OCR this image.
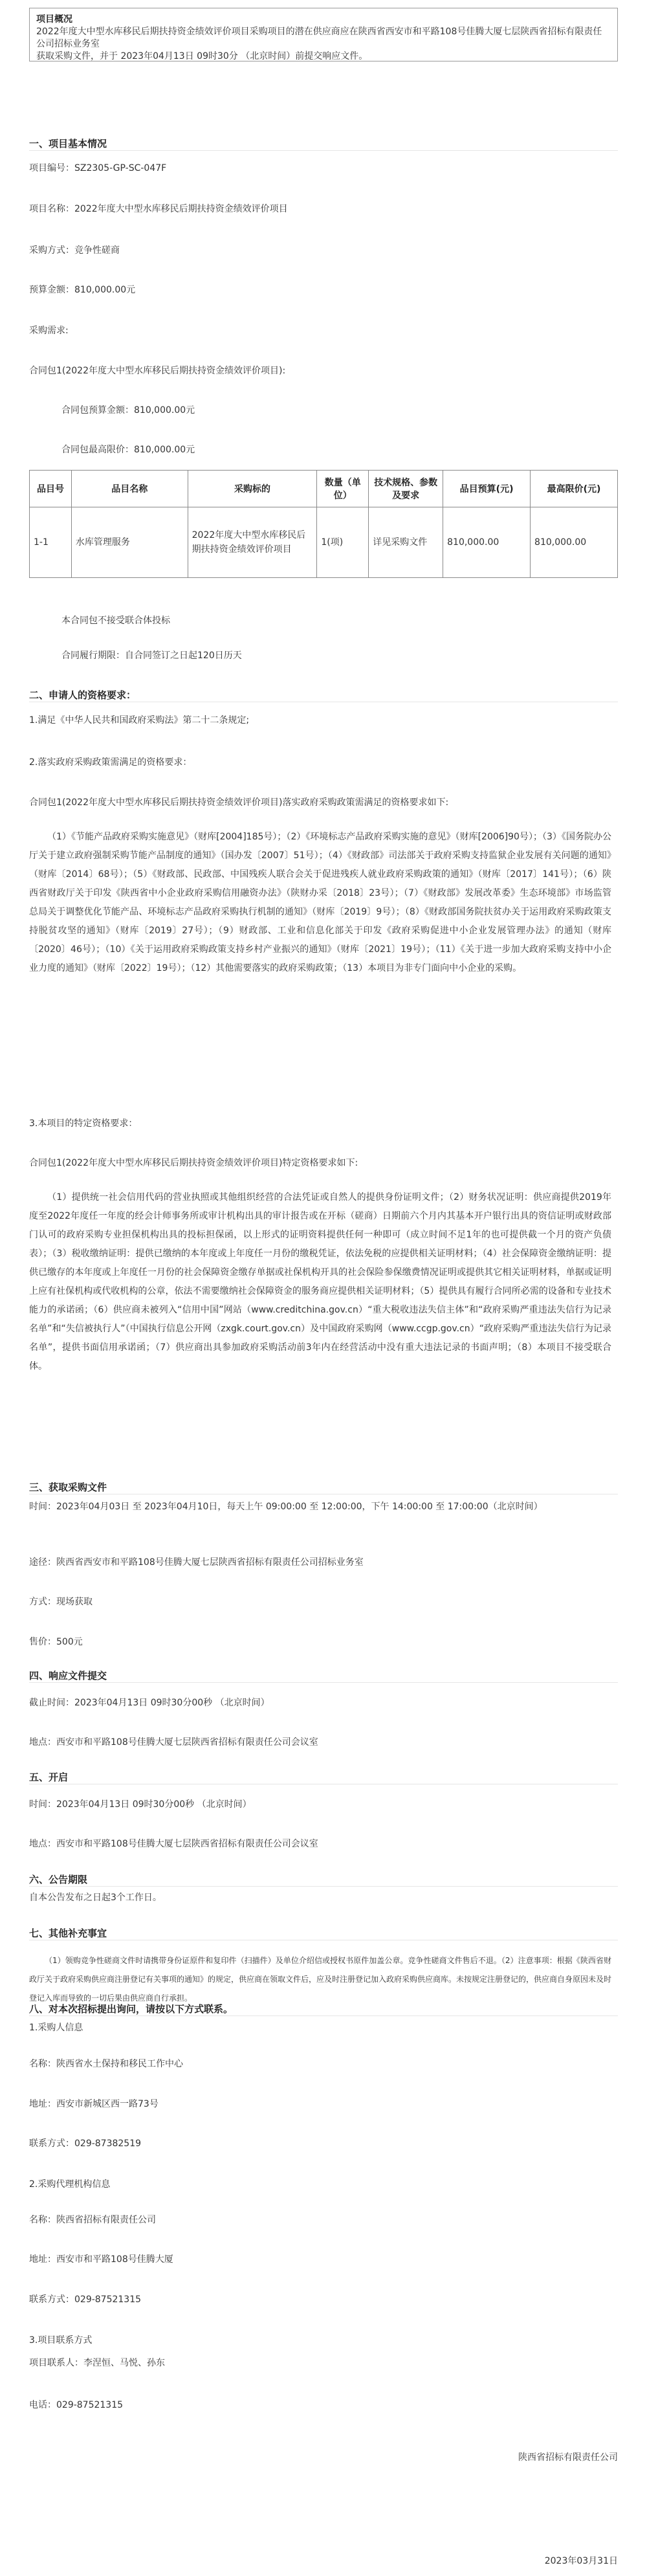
项目概况
2022年度大中型水库移民后期扶持资金绩效评价项目采购项目的潜在供应商应在陕西省西安市和平路108号佳腾大厦七层陕西省招标有限责任公司招标业务室
获取采购文件，并于 2023年04月13日 09时30分 （北京时间）前提交响应文件。
一、项目基本情况
项目编号：SZ2305-GP-SC-047F
项目名称：2022年度大中型水库移民后期扶持资金绩效评价项目
采购方式：竞争性磋商
预算金额：810,000.00元
采购需求:
合同包1(2022年度大中型水库移民后期扶持资金绩效评价项目):
合同包预算金额：810,000.00元
合同包最高限价：810,000.00元
品目号	品目名称	采购标的	数量（单位）	技术规格、参数及要求	品目预算(元)	最高限价(元)
1-1	水库管理服务	2022年度大中型水库移民后期扶持资金绩效评价项目	1(项)	详见采购文件	810,000.00	810,000.00
本合同包不接受联合体投标
合同履行期限：自合同签订之日起120日历天
二、申请人的资格要求：
1.满足《中华人民共和国政府采购法》第二十二条规定;
2.落实政府采购政策需满足的资格要求：
合同包1(2022年度大中型水库移民后期扶持资金绩效评价项目)落实政府采购政策需满足的资格要求如下:
（1）《节能产品政府采购实施意见》（财库[2004]185号）；（2）《环境标志产品政府采购实施的意见》（财库[2006]90号）；（3）《国务院办公厅关于建立政府强制采购节能产品制度的通知》（国办发〔2007〕51号）；（4）《财政部》司法部关于政府采购支持监狱企业发展有关问题的通知》（财库〔2014〕68号）；（5）《财政部、民政部、中国残疾人联合会关于促进残疾人就业政府采购政策的通知》（财库〔2017〕141号）；（6）陕西省财政厅关于印发《陕西省中小企业政府采购信用融资办法》（陕财办采〔2018〕23号）；（7）《财政部》发展改革委》生态环境部》市场监管总局关于调整优化节能产品、环境标志产品政府采购执行机制的通知》（财库〔2019〕9号）；（8）《财政部国务院扶贫办关于运用政府采购政策支持脱贫攻坚的通知》（财库〔2019〕27号）；（9）财政部、工业和信息化部关于印发《政府采购促进中小企业发展管理办法》的通知（财库〔2020〕46号）；（10）《关于运用政府采购政策支持乡村产业振兴的通知》（财库〔2021〕19号）；（11）《关于进一步加大政府采购支持中小企业力度的通知》（财库〔2022〕19号）；（12）其他需要落实的政府采购政策；（13）本项目为非专门面向中小企业的采购。
3.本项目的特定资格要求：
合同包1(2022年度大中型水库移民后期扶持资金绩效评价项目)特定资格要求如下:
（1）提供统一社会信用代码的营业执照或其他组织经营的合法凭证或自然人的提供身份证明文件；（2）财务状况证明：供应商提供2019年度至2022年度任一年度的经会计师事务所或审计机构出具的审计报告或在开标（磋商）日期前六个月内其基本开户银行出具的资信证明或财政部门认可的政府采购专业担保机构出具的投标担保函，以上形式的证明资料提供任何一种即可（成立时间不足1年的也可提供截一个月的资产负债表）；（3）税收缴纳证明：提供已缴纳的本年度或上年度任一月份的缴税凭证，依法免税的应提供相关证明材料；（4）社会保障资金缴纳证明：提供已缴存的本年度或上年度任一月份的社会保障资金缴存单据或社保机构开具的社会保险参保缴费情况证明或提供其它相关证明材料，单据或证明上应有社保机构或代收机构的公章，依法不需要缴纳社会保障资金的服务商应提供相关证明材料；（5）提供具有履行合同所必需的设备和专业技术能力的承诺函；（6）供应商未被列入“信用中国”网站（www.creditchina.gov.cn）“重大税收违法失信主体”和“政府采购严重违法失信行为记录名单”和“失信被执行人”（中国执行信息公开网（zxgk.court.gov.cn）及中国政府采购网（www.ccgp.gov.cn）“政府采购严重违法失信行为记录名单”，提供书面信用承诺函；（7）供应商出具参加政府采购活动前3年内在经营活动中没有重大违法记录的书面声明；（8）本项目不接受联合体。
三、获取采购文件
时间：2023年04月03日 至 2023年04月10日，每天上午 09:00:00 至 12:00:00，下午 14:00:00 至 17:00:00（北京时间）
途径：陕西省西安市和平路108号佳腾大厦七层陕西省招标有限责任公司招标业务室
方式：现场获取
售价：500元
四、响应文件提交
截止时间：2023年04月13日 09时30分00秒 （北京时间）
地点：西安市和平路108号佳腾大厦七层陕西省招标有限责任公司会议室
五、开启
时间：2023年04月13日 09时30分00秒 （北京时间）
地点：西安市和平路108号佳腾大厦七层陕西省招标有限责任公司会议室
六、公告期限
自本公告发布之日起3个工作日。
七、其他补充事宜
（1）领购竞争性磋商文件时请携带身份证原件和复印件（扫描件）及单位介绍信或授权书原件加盖公章。竞争性磋商文件售后不退。（2）注意事项：根据《陕西省财政厅关于政府采购供应商注册登记有关事项的通知》的规定，供应商在领取文件后，应及时注册登记加入政府采购供应商库。未按规定注册登记的，供应商自身原因未及时登记入库而导致的一切后果由供应商自行承担。
八、对本次招标提出询问，请按以下方式联系。
1.采购人信息
名称：陕西省水土保持和移民工作中心
地址：西安市新城区西一路73号
联系方式：029-87382519
2.采购代理机构信息
名称：陕西省招标有限责任公司
地址：西安市和平路108号佳腾大厦
联系方式：029-87521315
3.项目联系方式
项目联系人：李涅恒、马悦、孙东
电话：029-87521315
陕西省招标有限责任公司
2023年03月31日
